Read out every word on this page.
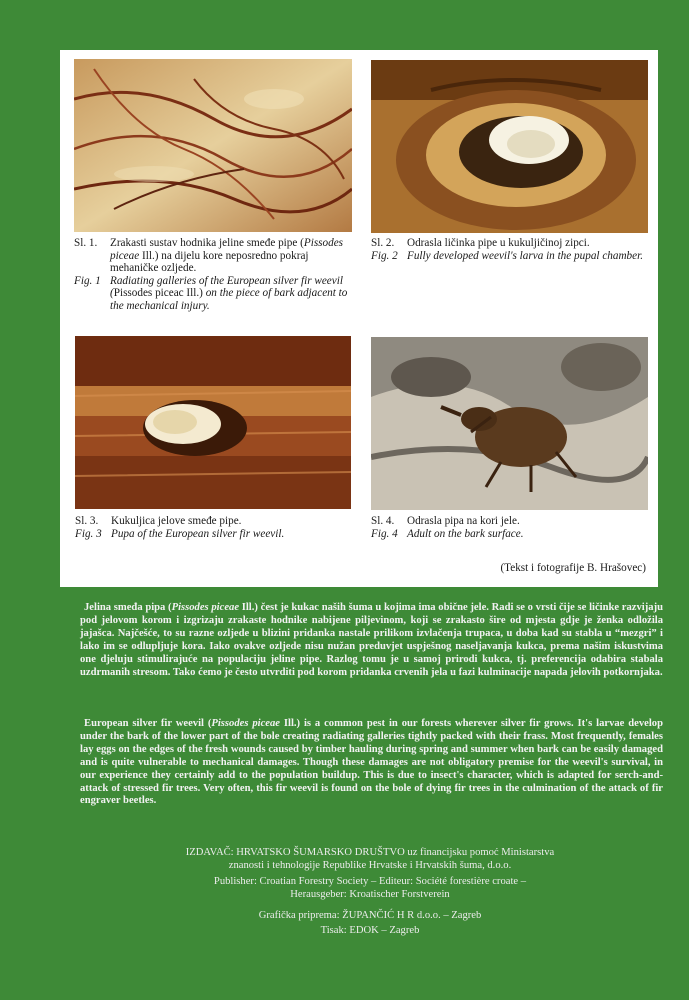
Sl. 1.	Zrakasti sustav hodnika jeline smeđe pipe (Pissodes piceae Ill.) na dijelu kore neposredno pokraj mehaničke ozljede.
Fig. 1 Radiating galleries of the European silver fir weevil (Pissodes piceac Ill.) on the piece of bark adjacent to the mechanical injury.
Sl. 2.	Odrasla ličinka pipe u kukuljičinoj zipci.
Fig. 2 Fully developed weevil's larva in the pupal chamber.
Sl. 3.	Kukuljica jelove smeđe pipe.
Fig. 3 Pupa of the European silver fir weevil.
Sl. 4.	Odrasla pipa na kori jele.
Fig. 4 Adult on the bark surface.
(Tekst i fotografije B. Hrašovec)

Jelina smeđa pipa (Pissodes piceae Ill.) čest je kukac naših šuma u kojima ima obične jele. Radi se o vrsti čije se ličinke razvijaju pod jelovom korom i izgrizaju zrakaste hodnike nabijene piljevinom, koji se zrakasto šire od mjesta gdje je ženka odložila jajašca. Najčešće, to su razne ozljede u blizini pridanka nastale prilikom izvlačenja trupaca, u doba kad su stabla u “mezgri” i lako im se odlupljuje kora. Iako ovakve ozljede nisu nužan preduvjet uspješnog naseljavanja kukca, prema našim iskustvima one djeluju stimulirajuće na populaciju jeline pipe. Razlog tomu je u samoj prirodi kukca, tj. preferencija odabira stabala uzdrmanih stresom. Tako ćemo je često utvrditi pod korom pridanka crvenih jela u fazi kulminacije napada jelovih potkornjaka.

European silver fir weevil (Pissodes piceae Ill.) is a common pest in our forests wherever silver fir grows. It's larvae develop under the bark of the lower part of the bole creating radiating galleries tightly packed with their frass. Most frequently, females lay eggs on the edges of the fresh wounds caused by timber hauling during spring and summer when bark can be easily damaged and is quite vulnerable to mechanical damages. Though these damages are not obligatory premise for the weevil's survival, in our experience they certainly add to the population buildup. This is due to insect's character, which is adapted for serch-and-attack of stressed fir trees. Very often, this fir weevil is found on the bole of dying fir trees in the culmination of the attack of fir engraver beetles.

IZDAVAČ: HRVATSKO ŠUMARSKO DRUŠTVO uz financijsku pomoć Ministarstva
znanosti i tehnologije Republike Hrvatske i Hrvatskih šuma, d.o.o.
Publisher: Croatian Forestry Society – Editeur: Société forestière croate –
Herausgeber: Kroatischer Forstverein
Grafička priprema: ŽUPANČIĆ H R d.o.o. – Zagreb
Tisak: EDOK – Zagreb
